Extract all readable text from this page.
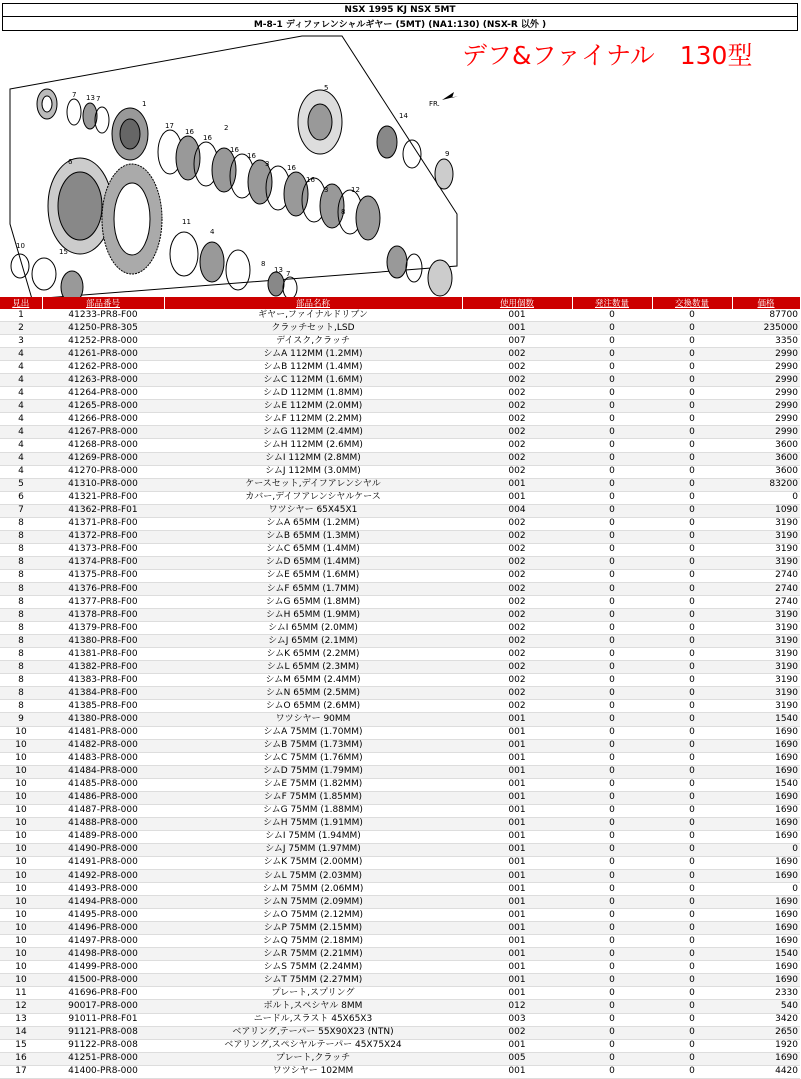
NSX 1995 KJ NSX 5MT
M-8-1 ディファレンシャルギヤー (5MT) (NA1:130) (NSX-R 以外 )
FR.
7 13 7
1
17
16	2
16
16
16
16
16
3
3
8
14
5
6
12
9
11
4
8
13 7
10
15
デフ&ファイナル　130型
見出	部品番号	部品名称	使用個数	発注数量	交換数量	価格
1	41233-PR8-F00	ギヤー,ファイナルドリブン	001	0	0	87700
2	41250-PR8-305	クラッチセット,LSD	001	0	0	235000
3	41252-PR8-000	デイスク,クラッチ	007	0	0	3350
4	41261-PR8-000	シムA 112MM (1.2MM)	002	0	0	2990
4	41262-PR8-000	シムB 112MM (1.4MM)	002	0	0	2990
4	41263-PR8-000	シムC 112MM (1.6MM)	002	0	0	2990
4	41264-PR8-000	シムD 112MM (1.8MM)	002	0	0	2990
4	41265-PR8-000	シムE 112MM (2.0MM)	002	0	0	2990
4	41266-PR8-000	シムF 112MM (2.2MM)	002	0	0	2990
4	41267-PR8-000	シムG 112MM (2.4MM)	002	0	0	2990
4	41268-PR8-000	シムH 112MM (2.6MM)	002	0	0	3600
4	41269-PR8-000	シムI 112MM (2.8MM)	002	0	0	3600
4	41270-PR8-000	シムJ 112MM (3.0MM)	002	0	0	3600
5	41310-PR8-000	ケースセット,デイフアレンシヤル	001	0	0	83200
6	41321-PR8-F00	カバー,デイフアレンシヤルケース	001	0	0	0
7	41362-PR8-F01	ワツシヤー 65X45X1	004	0	0	1090
8	41371-PR8-F00	シムA 65MM (1.2MM)	002	0	0	3190
8	41372-PR8-F00	シムB 65MM (1.3MM)	002	0	0	3190
8	41373-PR8-F00	シムC 65MM (1.4MM)	002	0	0	3190
8	41374-PR8-F00	シムD 65MM (1.4MM)	002	0	0	3190
8	41375-PR8-F00	シムE 65MM (1.6MM)	002	0	0	2740
8	41376-PR8-F00	シムF 65MM (1.7MM)	002	0	0	2740
8	41377-PR8-F00	シムG 65MM (1.8MM)	002	0	0	2740
8	41378-PR8-F00	シムH 65MM (1.9MM)	002	0	0	3190
8	41379-PR8-F00	シムI 65MM (2.0MM)	002	0	0	3190
8	41380-PR8-F00	シムJ 65MM (2.1MM)	002	0	0	3190
8	41381-PR8-F00	シムK 65MM (2.2MM)	002	0	0	3190
8	41382-PR8-F00	シムL 65MM (2.3MM)	002	0	0	3190
8	41383-PR8-F00	シムM 65MM (2.4MM)	002	0	0	3190
8	41384-PR8-F00	シムN 65MM (2.5MM)	002	0	0	3190
8	41385-PR8-F00	シムO 65MM (2.6MM)	002	0	0	3190
9	41380-PR8-000	ワツシヤー 90MM	001	0	0	1540
10	41481-PR8-000	シムA 75MM (1.70MM)	001	0	0	1690
10	41482-PR8-000	シムB 75MM (1.73MM)	001	0	0	1690
10	41483-PR8-000	シムC 75MM (1.76MM)	001	0	0	1690
10	41484-PR8-000	シムD 75MM (1.79MM)	001	0	0	1690
10	41485-PR8-000	シムE 75MM (1.82MM)	001	0	0	1540
10	41486-PR8-000	シムF 75MM (1.85MM)	001	0	0	1690
10	41487-PR8-000	シムG 75MM (1.88MM)	001	0	0	1690
10	41488-PR8-000	シムH 75MM (1.91MM)	001	0	0	1690
10	41489-PR8-000	シムI 75MM (1.94MM)	001	0	0	1690
10	41490-PR8-000	シムJ 75MM (1.97MM)	001	0	0	0
10	41491-PR8-000	シムK 75MM (2.00MM)	001	0	0	1690
10	41492-PR8-000	シムL 75MM (2.03MM)	001	0	0	1690
10	41493-PR8-000	シムM 75MM (2.06MM)	001	0	0	0
10	41494-PR8-000	シムN 75MM (2.09MM)	001	0	0	1690
10	41495-PR8-000	シムO 75MM (2.12MM)	001	0	0	1690
10	41496-PR8-000	シムP 75MM (2.15MM)	001	0	0	1690
10	41497-PR8-000	シムQ 75MM (2.18MM)	001	0	0	1690
10	41498-PR8-000	シムR 75MM (2.21MM)	001	0	0	1540
10	41499-PR8-000	シムS 75MM (2.24MM)	001	0	0	1690
10	41500-PR8-000	シムT 75MM (2.27MM)	001	0	0	1690
11	41696-PR8-F00	プレート,スプリング	001	0	0	2330
12	90017-PR8-000	ボルト,スペシヤル 8MM	012	0	0	540
13	91011-PR8-F01	ニードル,スラスト 45X65X3	003	0	0	3420
14	91121-PR8-008	ベアリング,テーパー 55X90X23 (NTN)	002	0	0	2650
15	91122-PR8-008	ベアリング,スペシヤルテーパー 45X75X24	001	0	0	1920
16	41251-PR8-000	プレート,クラッチ	005	0	0	1690
17	41400-PR8-000	ワツシヤー 102MM	001	0	0	4420
